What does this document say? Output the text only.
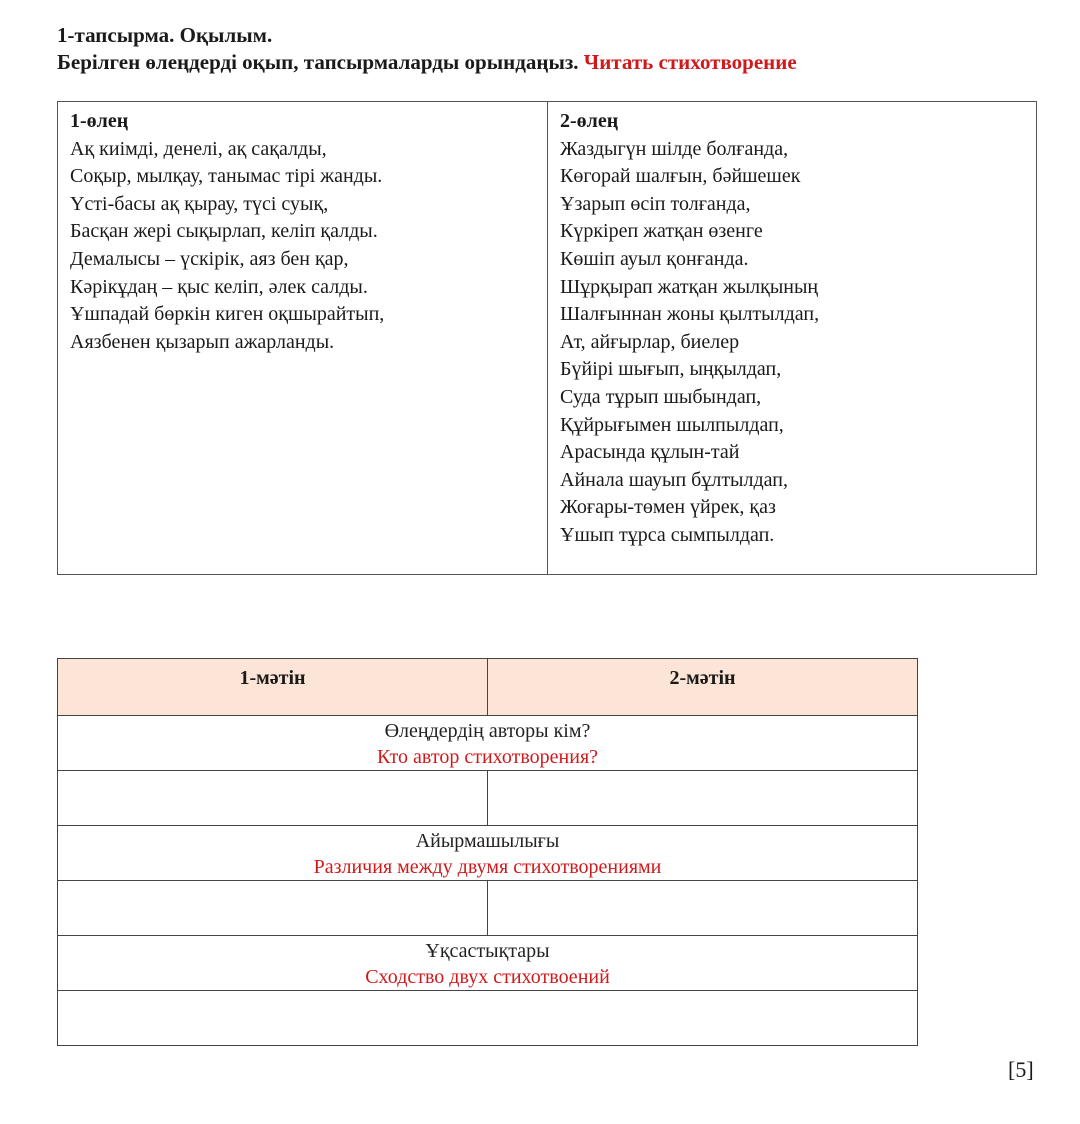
1-тапсырма. Оқылым.
Берілген өлеңдерді оқып, тапсырмаларды орындаңыз. Читать стихотворение
1-өлең
Ақ киімді, денелі, ақ сақалды,
Соқыр, мылқау, танымас тірі жанды.
Үсті-басы ақ қырау, түсі суық,
Басқан жері сықырлап, келіп қалды.
Демалысы – үскірік, аяз бен қар,
Кәрікұдаң – қыс келіп, әлек салды.
Ұшпадай бөркін киген оқшырайтып,
Аязбенен қызарып ажарланды.
2-өлең
Жаздыгүн шілде болғанда,
Көгорай шалғын, бәйшешек
Ұзарып өсіп толғанда,
Күркіреп жатқан өзенге
Көшіп ауыл қонғанда.
Шұрқырап жатқан жылқының
Шалғыннан жоны қылтылдап,
Ат, айғырлар, биелер
Бүйірі шығып, ыңқылдап,
Суда тұрып шыбындап,
Құйрығымен шылпылдап,
Арасында құлын-тай
Айнала шауып бұлтылдап,
Жоғары-төмен үйрек, қаз
Ұшып тұрса сымпылдап.
1-мәтін	2-мәтін

Өлеңдердің авторы кім?
Кто автор стихотворения?	

Айырмашылығы
Различия между двумя стихотворениями	

Ұқсастықтары
Сходство двух стихотвоений	

[5]
